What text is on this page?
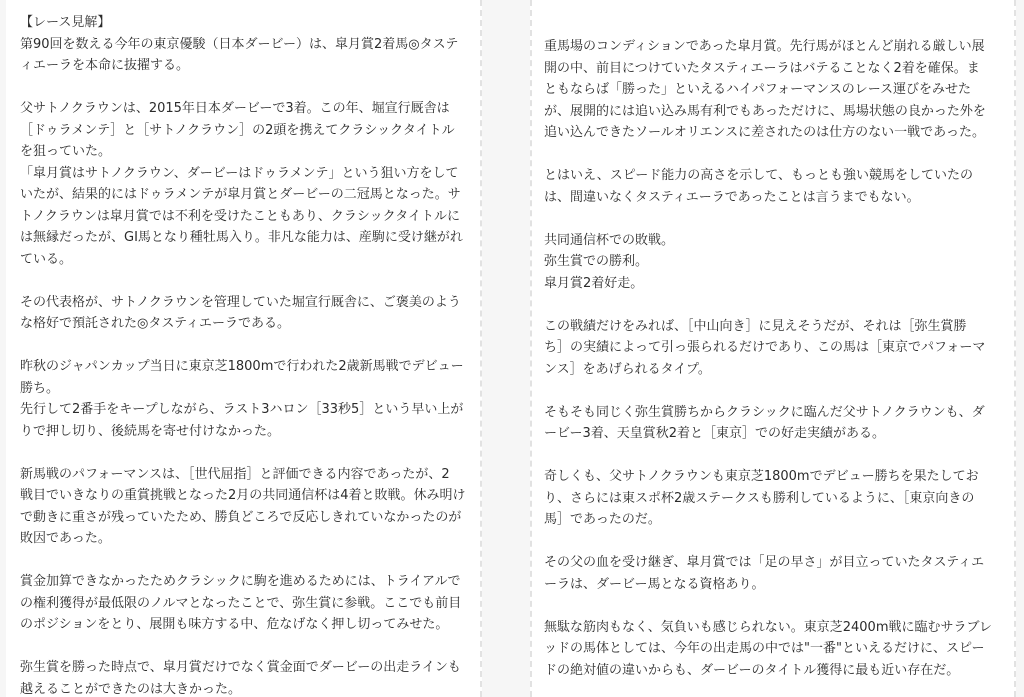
【レース見解】
第90回を数える今年の東京優駿（日本ダービー）は、皐月賞2着馬◎タステ
ィエーラを本命に抜擢する。
父サトノクラウンは、2015年日本ダービーで3着。この年、堀宣行厩舎は
［ドゥラメンテ］と［サトノクラウン］の2頭を携えてクラシックタイトル
を狙っていた。
「皐月賞はサトノクラウン、ダービーはドゥラメンテ」という狙い方をして
いたが、結果的にはドゥラメンテが皐月賞とダービーの二冠馬となった。サ
トノクラウンは皐月賞では不利を受けたこともあり、クラシックタイトルに
は無縁だったが、GI馬となり種牡馬入り。非凡な能力は、産駒に受け継がれ
ている。
その代表格が、サトノクラウンを管理していた堀宣行厩舎に、ご褒美のよう
な格好で預託された◎タスティエーラである。
昨秋のジャパンカップ当日に東京芝1800mで行われた2歳新馬戦でデビュー
勝ち。
先行して2番手をキープしながら、ラスト3ハロン［33秒5］という早い上が
りで押し切り、後続馬を寄せ付けなかった。
新馬戦のパフォーマンスは、［世代屈指］と評価できる内容であったが、2
戦目でいきなりの重賞挑戦となった2月の共同通信杯は4着と敗戦。休み明け
で動きに重さが残っていたため、勝負どころで反応しきれていなかったのが
敗因であった。
賞金加算できなかったためクラシックに駒を進めるためには、トライアルで
の権利獲得が最低限のノルマとなったことで、弥生賞に参戦。ここでも前目
のポジションをとり、展開も味方する中、危なげなく押し切ってみせた。
弥生賞を勝った時点で、皐月賞だけでなく賞金面でダービーの出走ラインも
越えることができたのは大きかった。
重馬場のコンディションであった皐月賞。先行馬がほとんど崩れる厳しい展
開の中、前目につけていたタスティエーラはバテることなく2着を確保。ま
ともならば「勝った」といえるハイパフォーマンスのレース運びをみせた
が、展開的には追い込み馬有利でもあっただけに、馬場状態の良かった外を
追い込んできたソールオリエンスに差されたのは仕方のない一戦であった。
とはいえ、スピード能力の高さを示して、もっとも強い競馬をしていたの
は、間違いなくタスティエーラであったことは言うまでもない。
共同通信杯での敗戦。
弥生賞での勝利。
皐月賞2着好走。
この戦績だけをみれば、［中山向き］に見えそうだが、それは［弥生賞勝
ち］の実績によって引っ張られるだけであり、この馬は［東京でパフォーマ
ンス］をあげられるタイプ。
そもそも同じく弥生賞勝ちからクラシックに臨んだ父サトノクラウンも、ダ
ービー3着、天皇賞秋2着と［東京］での好走実績がある。
奇しくも、父サトノクラウンも東京芝1800mでデビュー勝ちを果たしてお
り、さらには東スポ杯2歳ステークスも勝利しているように、［東京向きの
馬］であったのだ。
その父の血を受け継ぎ、皐月賞では「足の早さ」が目立っていたタスティエ
ーラは、ダービー馬となる資格あり。
無駄な筋肉もなく、気負いも感じられない。東京芝2400m戦に臨むサラブレ
ッドの馬体としては、今年の出走馬の中では"一番"といえるだけに、スピー
ドの絶対値の違いからも、ダービーのタイトル獲得に最も近い存在だ。
